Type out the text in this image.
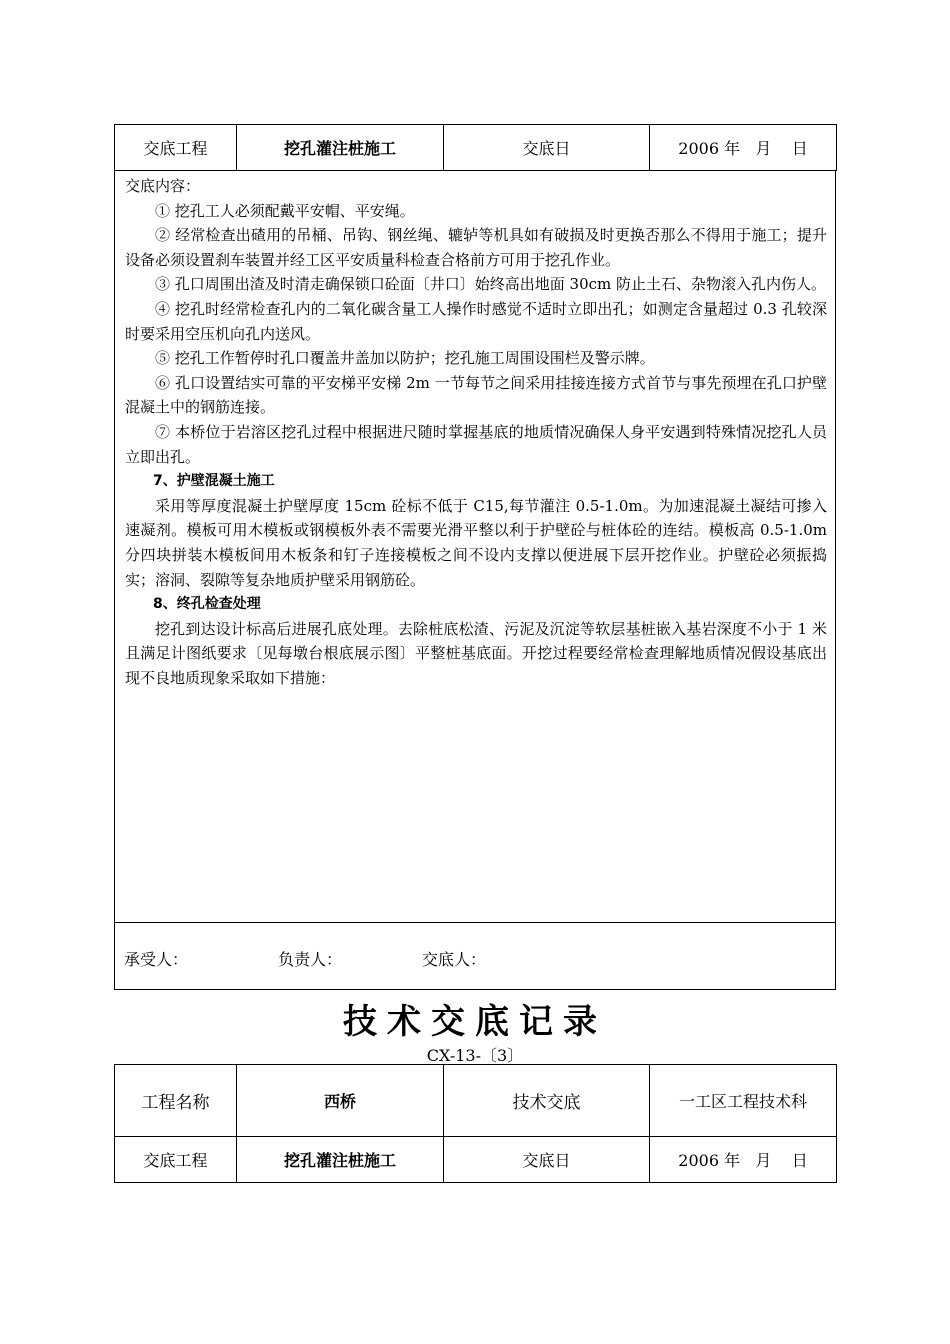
交底工程	挖孔灌注桩施工	交底日	2006 年   月    日

交底内容：

① 挖孔工人必须配戴平安帽、平安绳。

② 经常检查出碴用的吊桶、吊钩、钢丝绳、辘轳等机具如有破损及时更换否那么不得用于施工；提升设备必须设置刹车装置并经工区平安质量科检查合格前方可用于挖孔作业。

③ 孔口周围出渣及时清走确保锁口砼面〔井口〕始终高出地面 30cm 防止土石、杂物滚入孔内伤人。

④ 挖孔时经常检查孔内的二氧化碳含量工人操作时感觉不适时立即出孔；如测定含量超过 0.3 孔较深时要采用空压机向孔内送风。

⑤ 挖孔工作暂停时孔口覆盖井盖加以防护；挖孔施工周围设围栏及警示牌。

⑥ 孔口设置结实可靠的平安梯平安梯 2m 一节每节之间采用挂接连接方式首节与事先预埋在孔口护壁混凝土中的钢筋连接。

⑦ 本桥位于岩溶区挖孔过程中根据进尺随时掌握基底的地质情况确保人身平安遇到特殊情况挖孔人员立即出孔。

7、护壁混凝土施工

采用等厚度混凝土护壁厚度 15cm 砼标不低于 C15,每节灌注 0.5-1.0m。为加速混凝土凝结可掺入速凝剂。模板可用木模板或钢模板外表不需要光滑平整以利于护壁砼与桩体砼的连结。模板高 0.5-1.0m 分四块拼装木模板间用木板条和钉子连接模板之间不设内支撑以便进展下层开挖作业。护壁砼必须振捣实；溶洞、裂隙等复杂地质护壁采用钢筋砼。

8、终孔检查处理

挖孔到达设计标高后进展孔底处理。去除桩底松渣、污泥及沉淀等软层基桩嵌入基岩深度不小于 1 米且满足计图纸要求〔见每墩台根底展示图〕平整桩基底面。开挖过程要经常检查理解地质情况假设基底出现不良地质现象采取如下措施：

承受人：	负责人：	交底人：
技术交底记录
CX-13-〔3〕
工程名称	西桥	技术交底	一工区工程技术科
交底工程	挖孔灌注桩施工	交底日	2006 年   月    日
